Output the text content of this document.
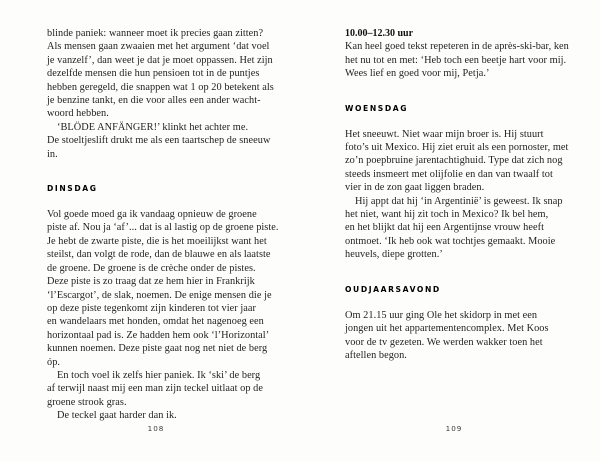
blinde paniek: wanneer moet ik precies gaan zitten?
Als mensen gaan zwaaien met het argument ‘dat voel
je vanzelf’, dan weet je dat je moet oppassen. Het zijn
dezelfde mensen die hun pensioen tot in de puntjes
hebben geregeld, die snappen wat 1 op 20 betekent als
je benzine tankt, en die voor alles een ander wacht-
woord hebben.
‘BLÖDE ANFÄNGER!’ klinkt het achter me.
De stoeltjeslift drukt me als een taartschep de sneeuw
in.
DINSDAG
Vol goede moed ga ik vandaag opnieuw de groene
piste af. Nou ja ‘af’... dat is al lastig op de groene piste.
Je hebt de zwarte piste, die is het moeilijkst want het
steilst, dan volgt de rode, dan de blauwe en als laatste
de groene. De groene is de crèche onder de pistes.
Deze piste is zo traag dat ze hem hier in Frankrijk
‘l’Escargot’, de slak, noemen. De enige mensen die je
op deze piste tegenkomt zijn kinderen tot vier jaar
en wandelaars met honden, omdat het nagenoeg een
horizontaal pad is. Ze hadden hem ook ‘l’Horizontal’
kunnen noemen. Deze piste gaat nog net niet de berg
óp.
En toch voel ik zelfs hier paniek. Ik ‘ski’ de berg
af terwijl naast mij een man zijn teckel uitlaat op de
groene strook gras.
De teckel gaat harder dan ik.
108
10.00–12.30 uur
Kan heel goed tekst repeteren in de après-ski-bar, ken
het nu tot en met: ‘Heb toch een beetje hart voor mij.
Wees lief en goed voor mij, Petja.’
WOENSDAG
Het sneeuwt. Niet waar mijn broer is. Hij stuurt
foto’s uit Mexico. Hij ziet eruit als een pornoster, met
zo’n poepbruine jarentachtighuid. Type dat zich nog
steeds insmeert met olijfolie en dan van twaalf tot
vier in de zon gaat liggen braden.
Hij appt dat hij ‘in Argentinië’ is geweest. Ik snap
het niet, want hij zit toch in Mexico? Ik bel hem,
en het blijkt dat hij een Argentijnse vrouw heeft
ontmoet. ‘Ik heb ook wat tochtjes gemaakt. Mooie
heuvels, diepe grotten.’
OUDJAARSAVOND
Om 21.15 uur ging Ole het skidorp in met een
jongen uit het appartementencomplex. Met Koos
voor de tv gezeten. We werden wakker toen het
aftellen begon.
109
